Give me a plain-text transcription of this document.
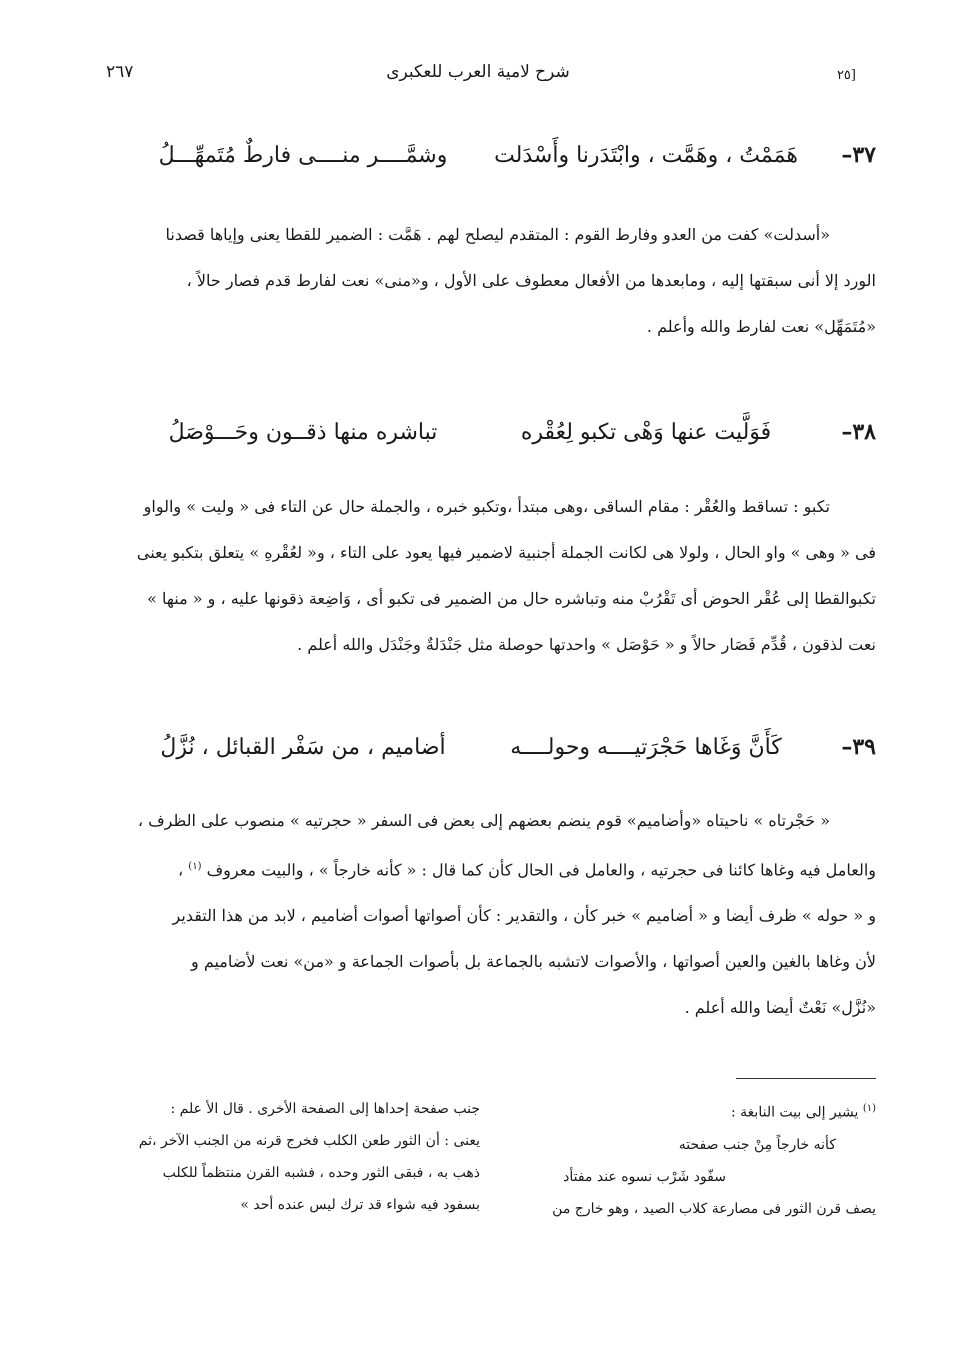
[٢٥
شرح لامية العرب للعكبرى
٢٦٧
٣٧–
هَمَمْتُ ، وهَمَّت ، وابْتَدَرنا وأَسْدَلت
وشمَّــــر منــــى فارطٌ مُتَمهِّـــلُ

«أسدلت» كفت من العدو وفارط القوم : المتقدم ليصلح لهم . هَمَّت : الضمير للقطا يعنى وإياها قصدنا

الورد إلا أنى سبقتها إليه ، ومابعدها من الأفعال معطوف على الأول ، و«منى» نعت لفارط قدم فصار حالاً ،

«مُتَمَهِّل» نعت لفارط والله وأعلم .

٣٨–
فَوَلَّيت عنها وَهْى تكبو لِعُقْره
تباشره منها ذقــون وحَـــوْصَلُ

تكبو : تساقط والعُقْر : مقام الساقى ،وهى مبتدأ ،وتكبو خبره ، والجملة حال عن التاء فى « وليت » والواو

فى « وهى » واو الحال ، ولولا هى لكانت الجملة أجنبية لاضمير فيها يعود على التاء ، و« لعُقْرهِ » يتعلق بتكبو يعنى

تكبوالقطا إلى عُقْر الحوض أى تَقْرُبْ منه وتباشره حال من الضمير فى تكبو أى ، وَاضِعة ذقونها عليه ، و « منها »

نعت لذقون ، قُدِّم فَصَار حالاً و « حَوْصَل » واحدتها حوصلة مثل جَنْدَلةٌ وجَنْدَل والله أعلم .

٣٩–
كَأَنَّ وَغَاها حَجْرَتيــــه وحولــــه
أضاميم ، من سَفْر القبائل ، نُزَّلُ

« حَجْرتاه » ناحيتاه «وأضاميم» قوم ينضم بعضهم إلى بعض فى السفر « حجرتيه » منصوب على الظرف ،

والعامل فيه وغاها كائنا فى حجرتيه ، والعامل فى الحال كأن كما قال : « كأنه خارجاً » ، والبيت معروف $^{(١)}$ ،

و « حوله » ظرف أيضا و « أضاميم » خبر كأن ، والتقدير : كأن أصواتها أصوات أضاميم ، لابد من هذا التقدير

لأن وغاها بالغين والعين أصواتها ، والأصوات لاتشبه بالجماعة بل بأصوات الجماعة و «من» نعت لأضاميم و

«نُزَّل» نَعْتٌ أيضا والله أعلم .

$^{(١)}$ يشير إلى بيت النابغة :

كأنه خارجاً مِنْ جنب صفحته

سفّود شَرْب نسوه عند مفتأد

يصف قرن الثور فى مصارعة كلاب الصيد ، وهو خارج من

جنب صفحة إحداها إلى الصفحة الأخرى . قال الأ علم :

يعنى : أن الثور طعن الكلب فخرج قرنه من الجنب الآخر ،ثم

ذهب به ، فبقى الثور وحده ، فشبه القرن منتظماً للكلب

بسفود فيه شواء قد ترك ليس عنده أحد »
